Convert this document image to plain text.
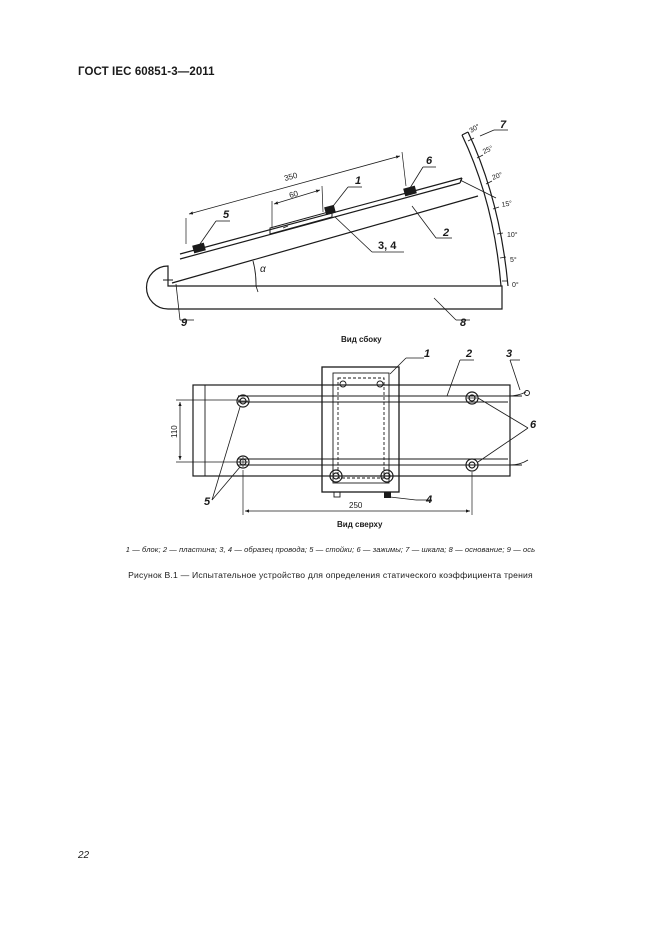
ГОСТ IEC 60851-3—2011
350
60
α
0°
5°
10°
15°
20°
25°
30°
5
1
3, 4
6
2
7
9	8
Вид сбоку
110
250
1	2	3
6
5	4
Вид сверху
1 — блок; 2 — пластина; 3, 4 — образец провода; 5 — стойки; 6 — зажимы; 7 — шкала; 8 — основание; 9 — ось
Рисунок В.1 — Испытательное устройство для определения статического коэффициента трения
22
